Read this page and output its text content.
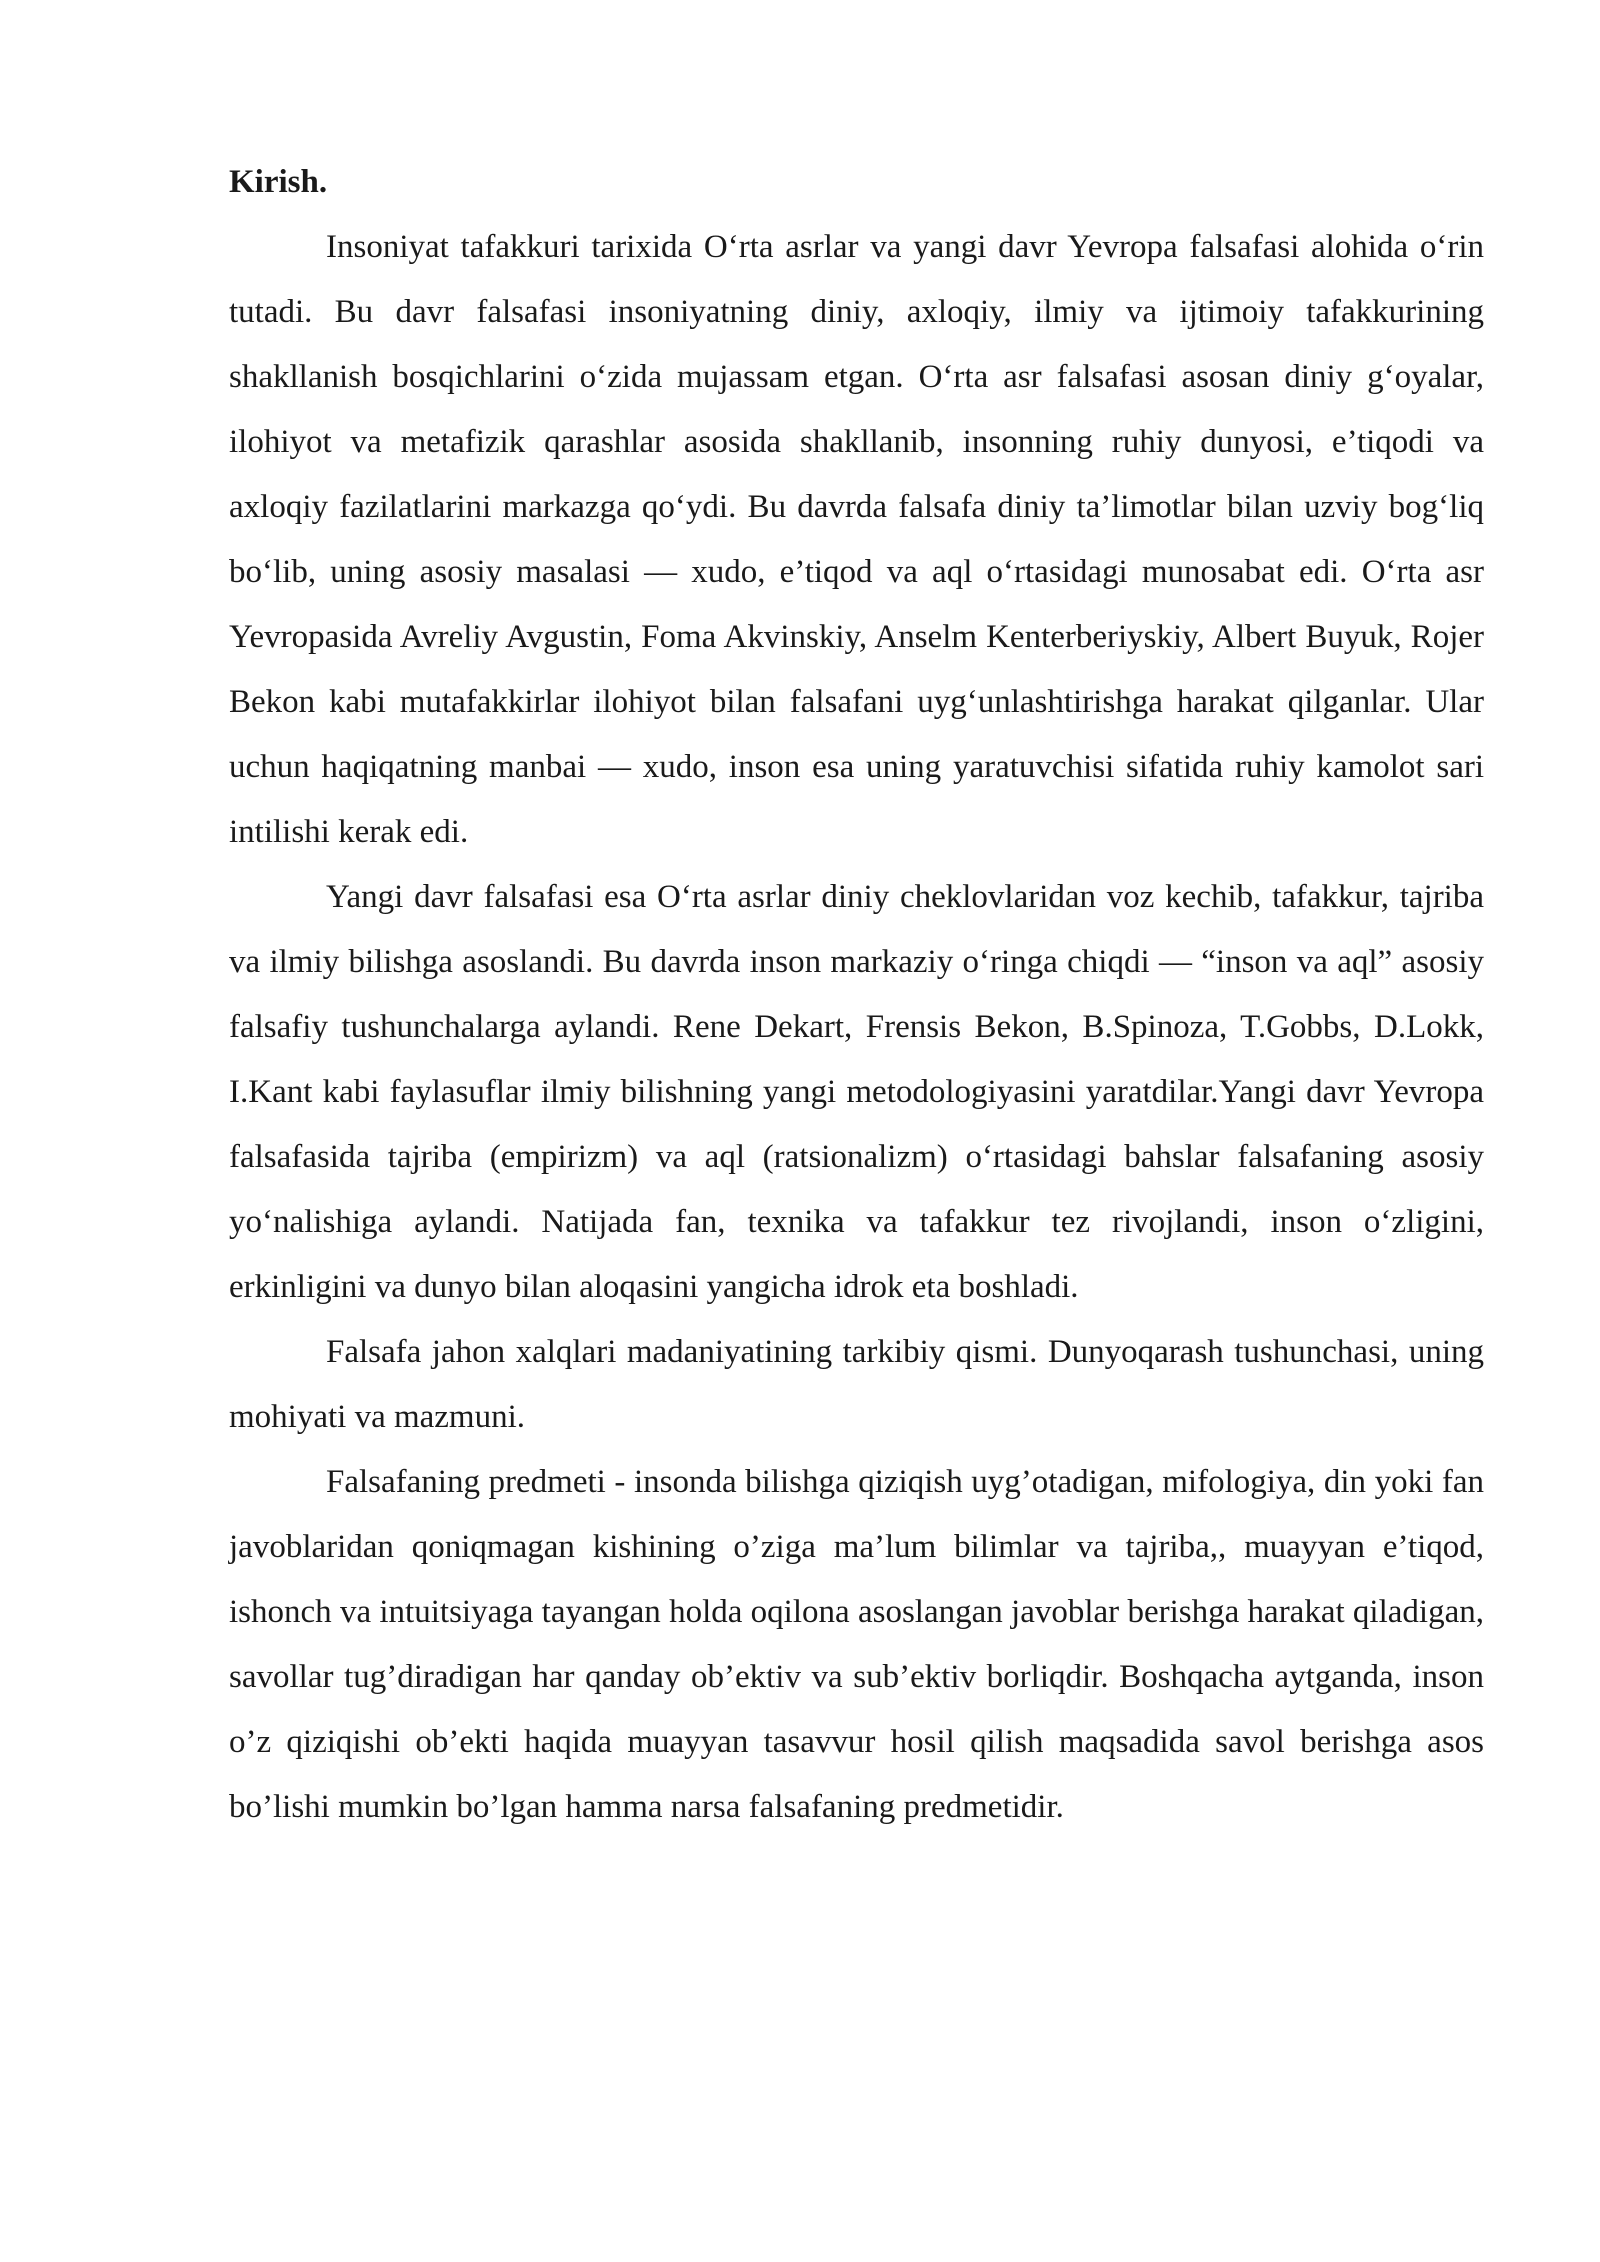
Kirish.

Insoniyat tafakkuri tarixida O‘rta asrlar va yangi davr Yevropa falsafasi alohida o‘rin tutadi. Bu davr falsafasi insoniyatning diniy, axloqiy, ilmiy va ijtimoiy tafakkurining shakllanish bosqichlarini o‘zida mujassam etgan. O‘rta asr falsafasi asosan diniy g‘oyalar, ilohiyot va metafizik qarashlar asosida shakllanib, insonning ruhiy dunyosi, e’tiqodi va axloqiy fazilatlarini markazga qo‘ydi. Bu davrda falsafa diniy ta’limotlar bilan uzviy bog‘liq bo‘lib, uning asosiy masalasi — xudo, e’tiqod va aql o‘rtasidagi munosabat edi. O‘rta asr Yevropasida Avreliy Avgustin, Foma Akvinskiy, Anselm Kenterberiyskiy, Albert Buyuk, Rojer Bekon kabi mutafakkirlar ilohiyot bilan falsafani uyg‘unlashtirishga harakat qilganlar. Ular uchun haqiqatning manbai — xudo, inson esa uning yaratuvchisi sifatida ruhiy kamolot sari intilishi kerak edi.

Yangi davr falsafasi esa O‘rta asrlar diniy cheklovlaridan voz kechib, tafakkur, tajriba va ilmiy bilishga asoslandi. Bu davrda inson markaziy o‘ringa chiqdi — “inson va aql” asosiy falsafiy tushunchalarga aylandi. Rene Dekart, Frensis Bekon, B.Spinoza, T.Gobbs, D.Lokk, I.Kant kabi faylasuflar ilmiy bilishning yangi metodologiyasini yaratdilar.Yangi davr Yevropa falsafasida tajriba (empirizm) va aql (ratsionalizm) o‘rtasidagi bahslar falsafaning asosiy yo‘nalishiga aylandi. Natijada fan, texnika va tafakkur tez rivojlandi, inson o‘zligini, erkinligini va dunyo bilan aloqasini yangicha idrok eta boshladi.

Falsafa jahon xalqlari madaniyatining tarkibiy qismi. Dunyoqarash tushunchasi, uning mohiyati va mazmuni.

Falsafaning predmeti - insonda bilishga qiziqish uyg’otadigan, mifologiya, din yoki fan javoblaridan qoniqmagan kishining o’ziga ma’lum bilimlar va tajriba,, muayyan e’tiqod, ishonch va intuitsiyaga tayangan holda oqilona asoslangan javoblar berishga harakat qiladigan, savollar tug’diradigan har qanday ob’ektiv va sub’ektiv borliqdir. Boshqacha aytganda, inson o’z qiziqishi ob’ekti haqida muayyan tasavvur hosil qilish maqsadida savol berishga asos bo’lishi mumkin bo’lgan hamma narsa falsafaning predmetidir.
